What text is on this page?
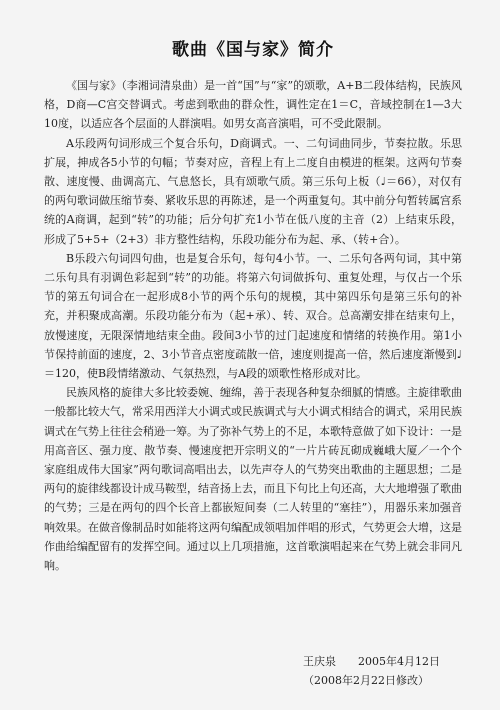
歌曲《国与家》简介

《国与家》（李湘词清泉曲）是一首“国”与“家”的颂歌，A+B二段体结构，民族风格，D商—C宫交替调式。考虑到歌曲的群众性，调性定在1＝C，音域控制在1—3̇大10度，以适应各个层面的人群演唱。如男女高音演唱，可不受此限制。

A乐段两句词形成三个复合乐句，D商调式。一、二句词曲同步，节奏拉散。乐思扩展，抻成各5小节的句幅；节奏对应，音程上有上二度自由模进的框架。这两句节奏散、速度慢、曲调高亢、气息悠长，具有颂歌气质。第三乐句上板（♩＝66），对仅有的两句歌词做压缩节奏、紧收乐思的再陈述，是一个两重复句。其中前分句暂转属宫系统的A商调，起到“转”的功能；后分句扩充1小节在低八度的主音（2）上结束乐段，形成了5+5+（2+3）非方整性结构，乐段功能分布为起、承、（转+合）。

B乐段六句词四句曲，也是复合乐句，每句4小节。一、二乐句各两句词，其中第二乐句具有羽调色彩起到“转”的功能。将第六句词做拆句、重复处理，与仅占一个乐节的第五句词合在一起形成8小节的两个乐句的规模，其中第四乐句是第三乐句的补充，并积聚成高潮。乐段功能分布为（起+承）、转、双合。总高潮安排在结束句上，放慢速度，无限深情地结束全曲。段间3小节的过门起速度和情绪的转换作用。第1小节保持前面的速度，2、3小节音点密度疏散一倍，速度则提高一倍，然后速度渐慢到♩＝120，使B段情绪激动、气氛热烈，与A段的颂歌性格形成对比。

民族风格的旋律大多比较委婉、缠绵，善于表现各种复杂细腻的情感。主旋律歌曲一般都比较大气，常采用西洋大小调式或民族调式与大小调式相结合的调式，采用民族调式在气势上往往会稍逊一筹。为了弥补气势上的不足，本歌特意做了如下设计：一是用高音区、强力度、散节奏、慢速度把开宗明义的“一片片砖瓦砌成巍峨大厦／一个个家庭组成伟大国家”两句歌词高唱出去，以先声夺人的气势突出歌曲的主题思想；二是两句的旋律线都设计成马鞍型，结音扬上去，而且下句比上句还高，大大地增强了歌曲的气势；三是在两句的四个长音上都嵌短间奏（二人转里的“塞挂”），用器乐来加强音响效果。在做音像制品时如能将这两句编配成领唱加伴唱的形式，气势更会大增，这是作曲给编配留有的发挥空间。通过以上几项措施，这首歌演唱起来在气势上就会非同凡响。

王庆泉 2005年4月12日
（2008年2月22日修改）
